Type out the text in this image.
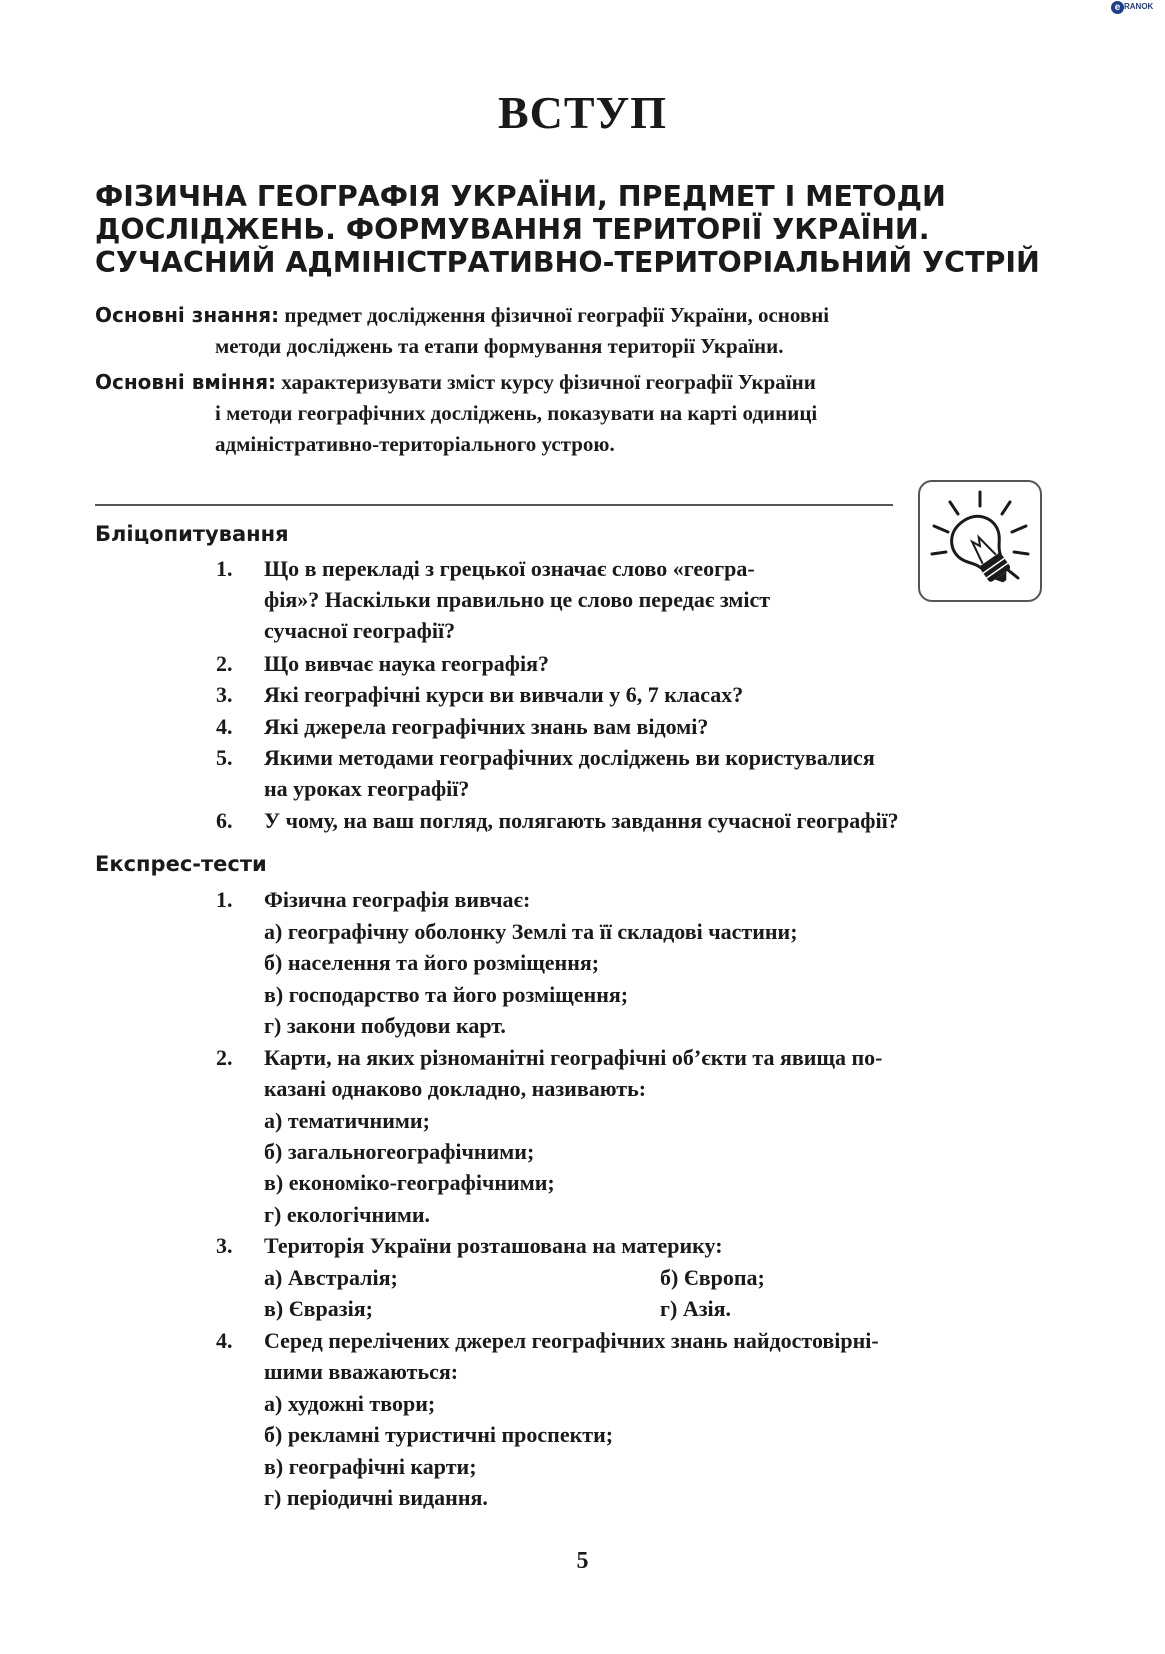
e RANOK
ВСТУП
ФІЗИЧНА ГЕОГРАФІЯ УКРАЇНИ, ПРЕДМЕТ І МЕТОДИ
ДОСЛІДЖЕНЬ. ФОРМУВАННЯ ТЕРИТОРІЇ УКРАЇНИ.
СУЧАСНИЙ АДМІНІСТРАТИВНО-ТЕРИТОРІАЛЬНИЙ УСТРІЙ
Основні знання: предмет дослідження фізичної географії України, основні
методи досліджень та етапи формування території України.
Основні вміння: характеризувати зміст курсу фізичної географії України
і методи географічних досліджень, показувати на карті одиниці
адміністративно-територіального устрою.
Бліцопитування
1. Що в перекладі з грецької означає слово «геогра-
фія»? Наскільки правильно це слово передає зміст
сучасної географії?
2. Що вивчає наука географія?
3. Які географічні курси ви вивчали у 6, 7 класах?
4. Які джерела географічних знань вам відомі?
5. Якими методами географічних досліджень ви користувалися
на уроках географії?
6. У чому, на ваш погляд, полягають завдання сучасної географії?
Експрес-тести
1. Фізична географія вивчає:
а) географічну оболонку Землі та її складові частини;
б) населення та його розміщення;
в) господарство та його розміщення;
г) закони побудови карт.
2. Карти, на яких різноманітні географічні об’єкти та явища по-
казані однаково докладно, називають:
а) тематичними;
б) загальногеографічними;
в) економіко-географічними;
г) екологічними.
3. Територія України розташована на материку:
а) Австралія;	б) Європа;
в) Євразія;	г) Азія.
4. Серед перелічених джерел географічних знань найдостовірні-
шими вважаються:
а) художні твори;
б) рекламні туристичні проспекти;
в) географічні карти;
г) періодичні видання.
5
